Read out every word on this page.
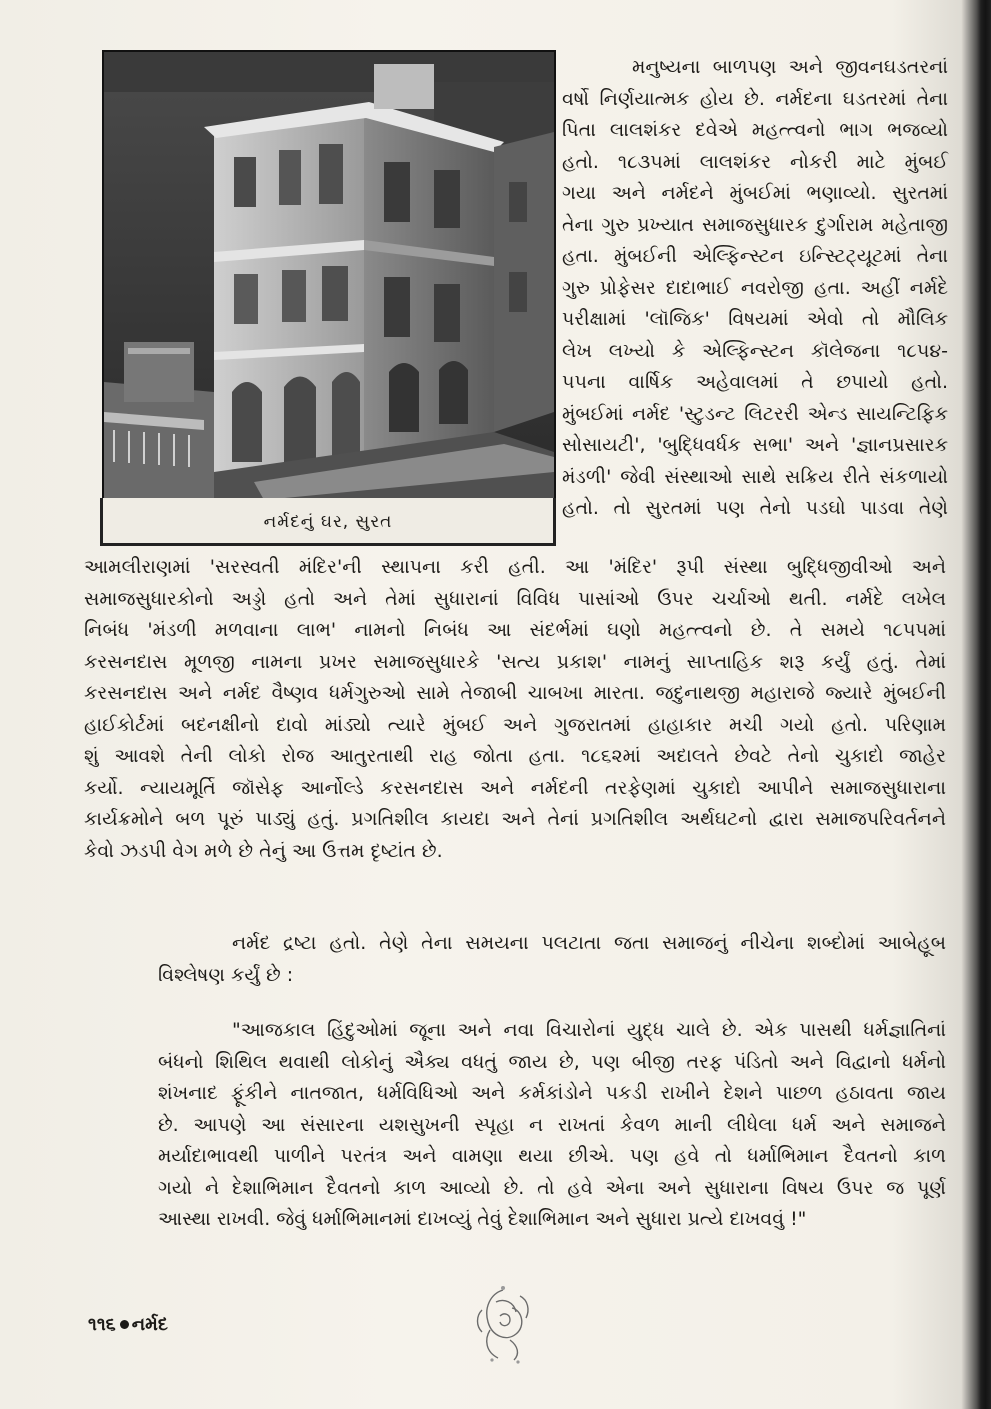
નર્મદનું ઘર, સુરત

મનુષ્યના બાળપણ અને જીવનઘડતરનાં
વર્ષો નિર્ણયાત્મક હોય છે. નર્મદના ઘડતરમાં તેના
પિતા લાલશંકર દવેએ મહત્ત્વનો ભાગ ભજવ્યો
હતો. ૧૮૩૫માં લાલશંકર નોકરી માટે મુંબઈ
ગયા અને નર્મદને મુંબઈમાં ભણાવ્યો. સુરતમાં
તેના ગુરુ પ્રખ્યાત સમાજસુધારક દુર્ગારામ મહેતાજી
હતા. મુંબઈની એલ્ફિન્સ્ટન ઇન્સ્ટિટ્યૂટમાં તેના
ગુરુ પ્રોફેસર દાદાભાઈ નવરોજી હતા. અહીં નર્મદે
પરીક્ષામાં 'લૉજિક' વિષયમાં એવો તો મૌલિક
લેખ લખ્યો કે એલ્ફિન્સ્ટન કૉલેજના ૧૮૫૪-
૫૫ના વાર્ષિક અહેવાલમાં તે છપાયો હતો.
મુંબઈમાં નર્મદ 'સ્ટુડન્ટ લિટરરી એન્ડ સાયન્ટિફિક
સોસાયટી', 'બુદ્ધિવર્ધક સભા' અને 'જ્ઞાનપ્રસારક
મંડળી' જેવી સંસ્થાઓ સાથે સક્રિય રીતે સંકળાયો
હતો. તો સુરતમાં પણ તેનો પડઘો પાડવા તેણે

આમલીરાણમાં 'સરસ્વતી મંદિર'ની સ્થાપના કરી હતી. આ 'મંદિર' રૂપી સંસ્થા બુદ્ધિજીવીઓ અને
સમાજસુધારકોનો અડ્ડો હતો અને તેમાં સુધારાનાં વિવિધ પાસાંઓ ઉપર ચર્ચાઓ થતી. નર્મદે લખેલ
નિબંધ 'મંડળી મળવાના લાભ' નામનો નિબંધ આ સંદર્ભમાં ઘણો મહત્ત્વનો છે. તે સમયે ૧૮૫૫માં
કરસનદાસ મૂળજી નામના પ્રખર સમાજસુધારકે 'સત્ય પ્રકાશ' નામનું સાપ્તાહિક શરૂ કર્યું હતું. તેમાં
કરસનદાસ અને નર્મદ વૈષ્ણવ ધર્મગુરુઓ સામે તેજાબી ચાબખા મારતા. જદુનાથજી મહારાજે જ્યારે મુંબઈની
હાઈકોર્ટમાં બદનક્ષીનો દાવો માંડ્યો ત્યારે મુંબઈ અને ગુજરાતમાં હાહાકાર મચી ગયો હતો. પરિણામ
શું આવશે તેની લોકો રોજ આતુરતાથી રાહ જોતા હતા. ૧૮૬૨માં અદાલતે છેવટે તેનો ચુકાદો જાહેર
કર્યો. ન્યાયમૂર્તિ જૉસેફ આર્નોલ્ડે કરસનદાસ અને નર્મદની તરફેણમાં ચુકાદો આપીને સમાજસુધારાના
કાર્યક્રમોને બળ પૂરું પાડ્યું હતું. પ્રગતિશીલ કાયદા અને તેનાં પ્રગતિશીલ અર્થઘટનો દ્વારા સમાજપરિવર્તનને
કેવો ઝડપી વેગ મળે છે તેનું આ ઉત્તમ દૃષ્ટાંત છે.

નર્મદ દ્રષ્ટા હતો. તેણે તેના સમયના પલટાતા જતા સમાજનું નીચેના શબ્દોમાં આબેહૂબ
વિશ્લેષણ કર્યું છે :

"આજકાલ હિંદુઓમાં જૂના અને નવા વિચારોનાં યુદ્ધ ચાલે છે. એક પાસથી ધર્મજ્ઞાતિનાં
બંધનો શિથિલ થવાથી લોકોનું ઐક્ય વધતું જાય છે, પણ બીજી તરફ પંડિતો અને વિદ્વાનો ધર્મનો
શંખનાદ ફૂંકીને નાતજાત, ધર્મવિધિઓ અને કર્મકાંડોને પકડી રાખીને દેશને પાછળ હઠાવતા જાય
છે. આપણે આ સંસારના યશસુખની સ્પૃહા ન રાખતાં કેવળ માની લીધેલા ધર્મ અને સમાજને
મર્યાદાભાવથી પાળીને પરતંત્ર અને વામણા થયા છીએ. પણ હવે તો ધર્માભિમાન દૈવતનો કાળ
ગયો ને દેશાભિમાન દૈવતનો કાળ આવ્યો છે. તો હવે એના અને સુધારાના વિષય ઉપર જ પૂર્ણ
આસ્થા રાખવી. જેવું ધર્માભિમાનમાં દાખવ્યું તેવું દેશાભિમાન અને સુધારા પ્રત્યે દાખવવું !"

૧૧૬ નર્મદ
